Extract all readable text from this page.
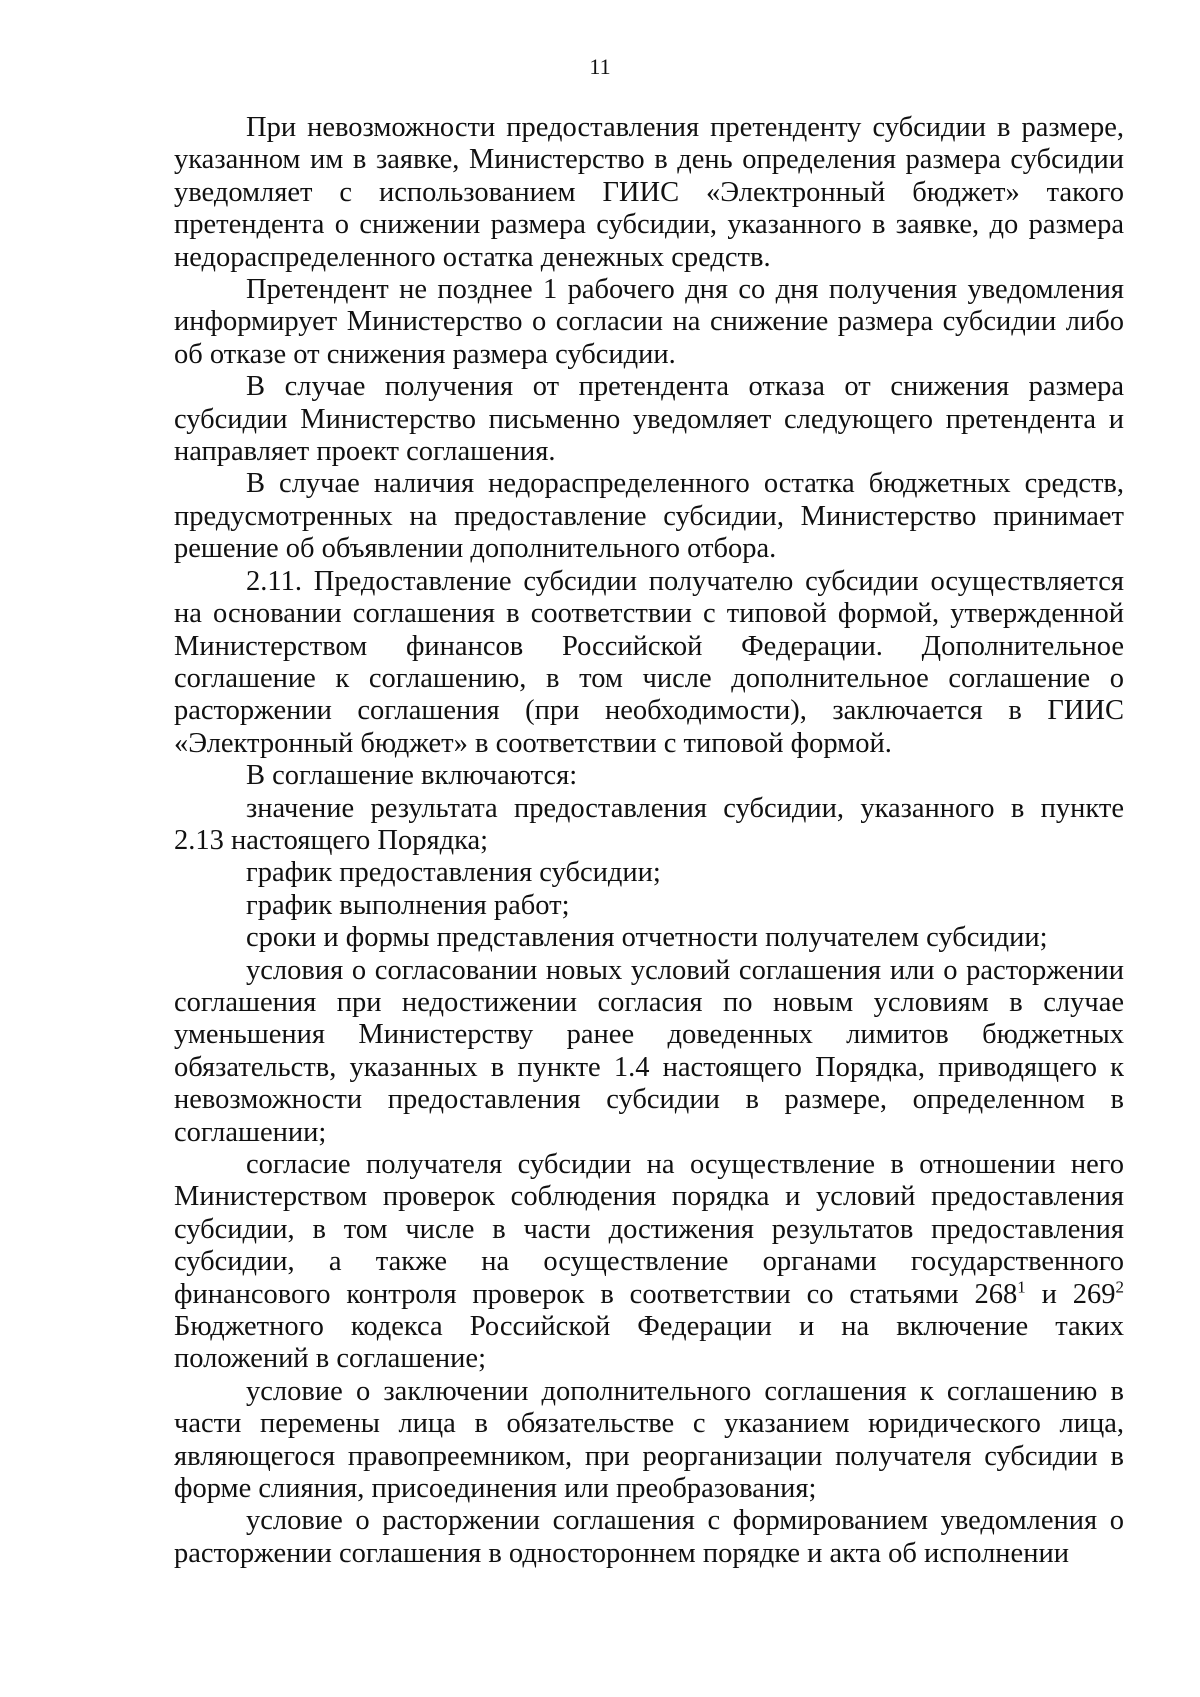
11

При невозможности предоставления претенденту субсидии в размере, указанном им в заявке, Министерство в день определения размера субсидии уведомляет с использованием ГИИС «Электронный бюджет» такого претендента о снижении размера субсидии, указанного в заявке, до размера недораспределенного остатка денежных средств.

Претендент не позднее 1 рабочего дня со дня получения уведомления информирует Министерство о согласии на снижение размера субсидии либо об отказе от снижения размера субсидии.

В случае получения от претендента отказа от снижения размера субсидии Министерство письменно уведомляет следующего претендента и направляет проект соглашения.

В случае наличия недораспределенного остатка бюджетных средств, предусмотренных на предоставление субсидии, Министерство принимает решение об объявлении дополнительного отбора.

2.11. Предоставление субсидии получателю субсидии осуществляется на основании соглашения в соответствии с типовой формой, утвержденной Министерством финансов Российской Федерации. Дополнительное соглашение к соглашению, в том числе дополнительное соглашение о расторжении соглашения (при необходимости), заключается в ГИИС «Электронный бюджет» в соответствии с типовой формой.

В соглашение включаются:

значение результата предоставления субсидии, указанного в пункте 2.13 настоящего Порядка;

график предоставления субсидии;

график выполнения работ;

сроки и формы представления отчетности получателем субсидии;

условия о согласовании новых условий соглашения или о расторжении соглашения при недостижении согласия по новым условиям в случае уменьшения Министерству ранее доведенных лимитов бюджетных обязательств, указанных в пункте 1.4 настоящего Порядка, приводящего к невозможности предоставления субсидии в размере, определенном в соглашении;

согласие получателя субсидии на осуществление в отношении него Министерством проверок соблюдения порядка и условий предоставления субсидии, в том числе в части достижения результатов предоставления субсидии, а также на осуществление органами государственного финансового контроля проверок в соответствии со статьями $268^1$ и $269^2$ Бюджетного кодекса Российской Федерации и на включение таких положений в соглашение;

условие о заключении дополнительного соглашения к соглашению в части перемены лица в обязательстве с указанием юридического лица, являющегося правопреемником, при реорганизации получателя субсидии в форме слияния, присоединения или преобразования;

условие о расторжении соглашения с формированием уведомления о расторжении соглашения в одностороннем порядке и акта об исполнении
